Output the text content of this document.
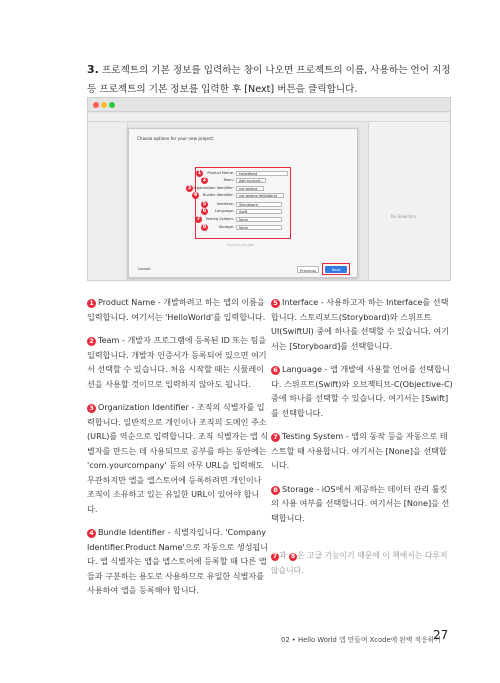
3. 프로젝트의 기본 정보를 입력하는 창이 나오면 프로젝트의 이름, 사용하는 언어 지정 등 프로젝트의 기본 정보를 입력한 후 [Next] 버튼을 클릭합니다.
No Selection
Choose options for your new project:
Product Name:
1	HelloWorld
Team:
2	Add account...
Organization Identifier:
3	net.testing
Bundle Identifier:
4	net.testing.HelloWorld
Interface:
5	Storyboard
Language:
6	Swift
Testing System:
7	None
Storage:
8	None
PROD.IN.COLUMN
Cancel	Previous	Next
1 Product Name - 개발하려고 하는 앱의 이름을 입력합니다. 여기서는 'HelloWorld'를 입력합니다.
2 Team - 개발자 프로그램에 등록된 ID 또는 팀을 입력합니다. 개발자 인증서가 등록되어 있으면 여기서 선택할 수 있습니다. 처음 시작할 때는 시뮬레이션을 사용할 것이므로 입력하지 않아도 됩니다.
3 Organization Identifier - 조직의 식별자를 입력합니다. 일반적으로 개인이나 조직의 도메인 주소(URL)를 역순으로 입력합니다. 조직 식별자는 앱 식별자를 만드는 데 사용되므로 공부를 하는 동안에는 'com.yourcompany' 등의 아무 URL을 입력해도 무관하지만 앱을 앱스토어에 등록하려면 개인이나 조직이 소유하고 있는 유일한 URL이 있어야 합니다.
4 Bundle Identifier - 식별자입니다. 'Company Identifier.Product Name'으로 자동으로 생성됩니다. 앱 식별자는 앱을 앱스토어에 등록할 때 다른 앱들과 구분하는 용도로 사용하므로 유일한 식별자를 사용하여 앱을 등록해야 합니다.
5 Interface - 사용하고자 하는 Interface를 선택합니다. 스토리보드(Storyboard)와 스위프트UI(SwiftUI) 중에 하나를 선택할 수 있습니다. 여기서는 [Storyboard]를 선택합니다.
6 Language - 앱 개발에 사용할 언어를 선택합니다. 스위프트(Swift)와 오브젝티브-C(Objective-C) 중에 하나를 선택할 수 있습니다. 여기서는 [Swift]를 선택합니다.
7 Testing System - 앱의 동작 등을 자동으로 테스트할 때 사용합니다. 여기서는 [None]을 선택합니다.
8 Storage - iOS에서 제공하는 데이터 관리 툴킷의 사용 여부를 선택합니다. 여기서는 [None]을 선택합니다.
7 과 8 은 고급 기능이기 때문에 이 책에서는 다루지 않습니다.
02 • Hello World 앱 만들며 Xcode에 완벽 적응하기
27
